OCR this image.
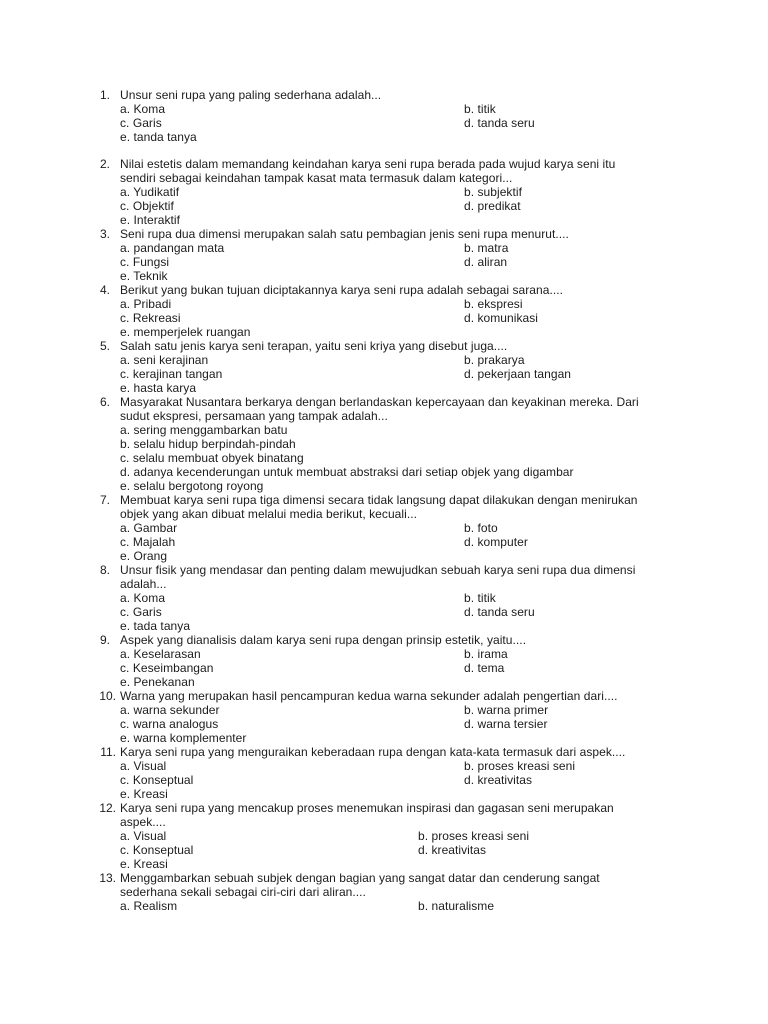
1. Unsur seni rupa yang paling sederhana adalah...
a. Koma	b. titik
c. Garis	d. tanda seru
e. tanda tanya
2. Nilai estetis dalam memandang keindahan karya seni rupa berada pada wujud karya seni itu
sendiri sebagai keindahan tampak kasat mata termasuk dalam kategori...
a. Yudikatif	b. subjektif
c. Objektif	d. predikat
e. Interaktif
3. Seni rupa dua dimensi merupakan salah satu pembagian jenis seni rupa menurut....
a. pandangan mata	b. matra
c. Fungsi	d. aliran
e. Teknik
4. Berikut yang bukan tujuan diciptakannya karya seni rupa adalah sebagai sarana....
a. Pribadi	b. ekspresi
c. Rekreasi	d. komunikasi
e. memperjelek ruangan
5. Salah satu jenis karya seni terapan, yaitu seni kriya yang disebut juga....
a. seni kerajinan	b. prakarya
c. kerajinan tangan	d. pekerjaan tangan
e. hasta karya
6. Masyarakat Nusantara berkarya dengan berlandaskan kepercayaan dan keyakinan mereka. Dari
sudut ekspresi, persamaan yang tampak adalah...
a. sering menggambarkan batu
b. selalu hidup berpindah-pindah
c. selalu membuat obyek binatang
d. adanya kecenderungan untuk membuat abstraksi dari setiap objek yang digambar
e. selalu bergotong royong
7. Membuat karya seni rupa tiga dimensi secara tidak langsung dapat dilakukan dengan menirukan
objek yang akan dibuat melalui media berikut, kecuali...
a. Gambar	b. foto
c. Majalah	d. komputer
e. Orang
8. Unsur fisik yang mendasar dan penting dalam mewujudkan sebuah karya seni rupa dua dimensi
adalah...
a. Koma	b. titik
c. Garis	d. tanda seru
e. tada tanya
9. Aspek yang dianalisis dalam karya seni rupa dengan prinsip estetik, yaitu....
a. Keselarasan	b. irama
c. Keseimbangan	d. tema
e. Penekanan
10. Warna yang merupakan hasil pencampuran kedua warna sekunder adalah pengertian dari....
a. warna sekunder	b. warna primer
c. warna analogus	d. warna tersier
e. warna komplementer
11. Karya seni rupa yang menguraikan keberadaan rupa dengan kata-kata termasuk dari aspek....
a. Visual	b. proses kreasi seni
c. Konseptual	d. kreativitas
e. Kreasi
12. Karya seni rupa yang mencakup proses menemukan inspirasi dan gagasan seni merupakan
aspek....
a. Visual	b. proses kreasi seni
c. Konseptual	d. kreativitas
e. Kreasi
13. Menggambarkan sebuah subjek dengan bagian yang sangat datar dan cenderung sangat
sederhana sekali sebagai ciri-ciri dari aliran....
a. Realism	b. naturalisme
